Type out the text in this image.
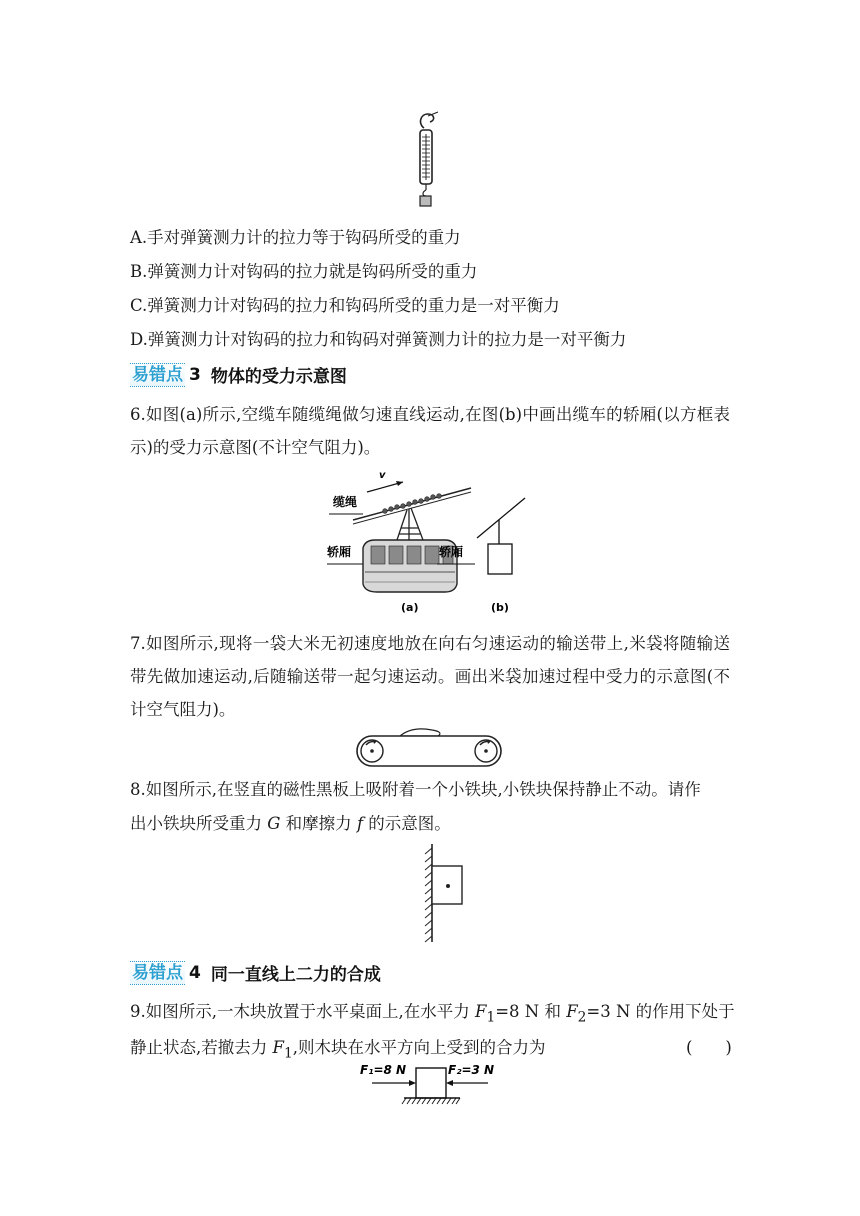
A.手对弹簧测力计的拉力等于钩码所受的重力
B.弹簧测力计对钩码的拉力就是钩码所受的重力
C.弹簧测力计对钩码的拉力和钩码所受的重力是一对平衡力
D.弹簧测力计对钩码的拉力和钩码对弹簧测力计的拉力是一对平衡力
易错点 3 物体的受力示意图
6.如图(a)所示,空缆车随缆绳做匀速直线运动,在图(b)中画出缆车的轿厢(以方框表示)的受力示意图(不计空气阻力)。
v
缆绳
轿厢
(a)
轿厢
(b)
7.如图所示,现将一袋大米无初速度地放在向右匀速运动的输送带上,米袋将随输送带先做加速运动,后随输送带一起匀速运动。画出米袋加速过程中受力的示意图(不计空气阻力)。
8.如图所示,在竖直的磁性黑板上吸附着一个小铁块,小铁块保持静止不动。请作
出小铁块所受重力 G 和摩擦力 f 的示意图。
易错点 4 同一直线上二力的合成
9.如图所示,一木块放置于水平桌面上,在水平力 $F_1=8$ N 和 $F_2=3$ N 的作用下处于
静止状态,若撤去力 $F_1$,则木块在水平方向上受到的合力为	(　　)
F₁=8 N	F₂=3 N
